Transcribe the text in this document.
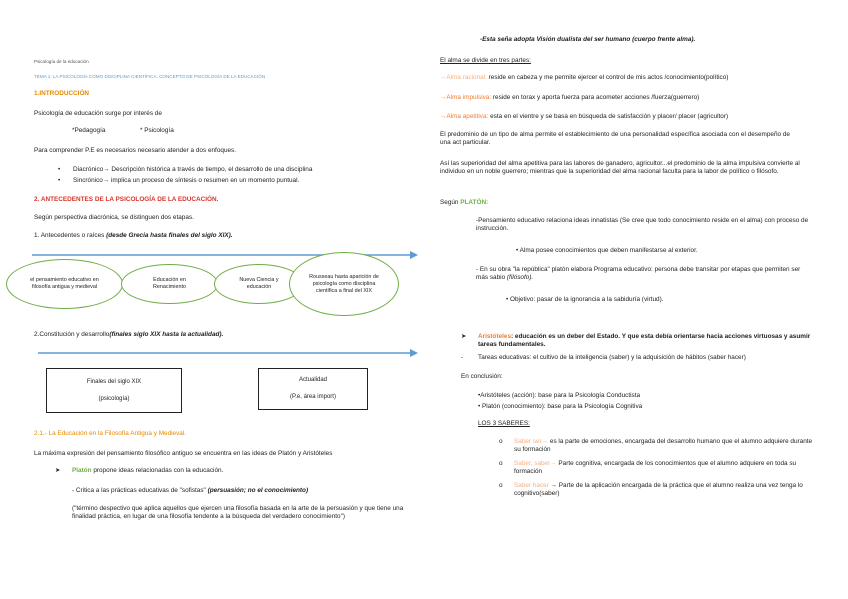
Psicología de la educación
TEMA 1: LA PSICOLOGÍA COMO DISCIPLINA CIENTÍFICA. CONCEPTO DE PSICOLOGÍA DE LA EDUCACIÓN
1.INTRODUCCIÓN
Psicología de educación surge por interés de
*Pedagogía	* Psicología
Para comprender P.E es necesarios necesario atender a dos enfoques.
• Diacrónico→ Descripción histórica a través de tiempo, el desarrollo de una disciplina
• Sincrónico→ implica un proceso de síntesis o resumen en un momento puntual.
2. ANTECEDENTES DE LA PSICOLOGÍA DE LA EDUCACIÓN.
Según perspectiva diacrónica, se distinguen dos etapas.
1. Antecedentes o raíces (desde Grecia hasta finales del siglo XIX).
el pensamiento educativo en filosofía antigua y medieval
Educación en Renacimiento
Nueva Ciencia y educación
Rousseau hasta aparición de psicología como disciplina científica a final del XIX
2.Constitución y desarrollo(finales siglo XIX hasta la actualidad).
Finales del siglo XIX
(psicología)
Actualidad
(P.e, área import)
2.1.- La Educación en la Filosofía Antigua y Medieval.
La máxima expresión del pensamiento filosófico antiguo se encuentra en las ideas de Platón y Aristóteles
➤ Platón propone ideas relacionadas con la educación.
- Critica a las prácticas educativas de "sofistas" (persuasión; no el conocimiento)
("término despectivo que aplica aquellos que ejercen una filosofía basada en la arte de la persuasión y que tiene una finalidad práctica, en lugar de una filosofía tendente a la búsqueda del verdadero conocimiento")
-Esta seña adopta Visión dualista del ser humano (cuerpo frente alma).
El alma se divide en tres partes:
→Alma racional: reside en cabeza y me permite ejercer el control de mis actos /conocimiento(político)
→Alma impulsiva: reside en torax y aporta fuerza para acometer acciones /fuerza(guerrero)
→Alma apetitiva: esta en el vientre y se basa en búsqueda de satisfacción y placer/ placer (agricultor)
El predominio de un tipo de alma permite el establecimiento de una personalidad específica asociada con el desempeño de una act particular.
Así las superioridad del alma apetitiva para las labores de ganadero, agricultor...el predominio de la alma impulsiva convierte al individuo en un noble guerrero; mientras que la superioridad del alma racional faculta para la labor de político o filósofo.
Según PLATÓN:
-Pensamiento educativo relaciona ideas innatistas (Se cree que todo conocimiento reside en el alma) con proceso de instrucción.
• Alma posee conocimientos que deben manifestarse al exterior.
- En su obra "la república" platón elabora Programa educativo: persona debe transitar por etapas que permiten ser más sabio (filósofo).
• Objetivo: pasar de la ignorancia a la sabiduría (virtud).
➤ Aristóteles: educación es un deber del Estado. Y que esta debía orientarse hacia acciones virtuosas y asumir tareas fundamentales.
- Tareas educativas: el cultivo de la inteligencia (saber) y la adquisición de hábitos (saber hacer)
En conclusión:
•Aristóteles (acción): base para la Psicología Conductista
• Platón (conocimiento): base para la Psicología Cognitiva
LOS 3 SABERES:
o Saber ser→ es la parte de emociones, encargada del desarrollo humano que el alumno adquiere durante su formación
o Saber, saber→ Parte cognitiva, encargada de los conocimientos que el alumno adquiere en toda su formación
o Saber hacer → Parte de la aplicación encargada de la práctica que el alumno realiza una vez tenga lo cognitivo(saber)
